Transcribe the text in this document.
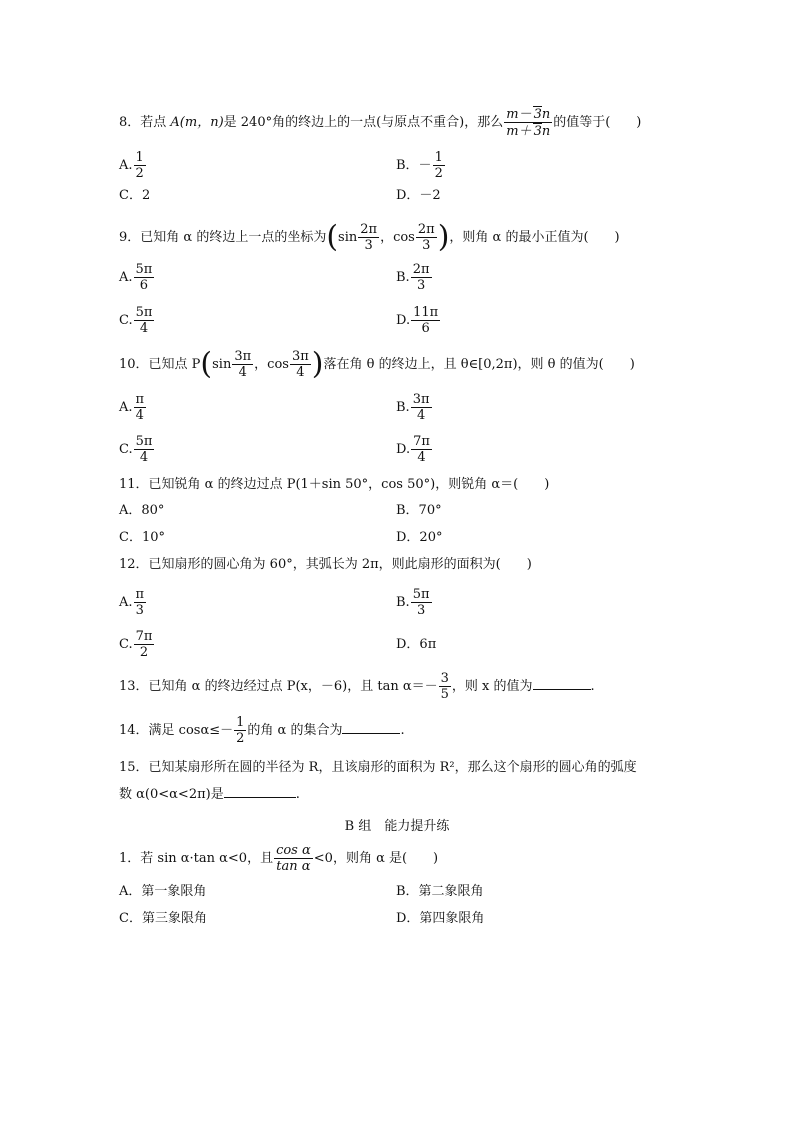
8．若点 A(m，n)是 240°角的终边上的一点(与原点不重合)，那么 $\frac{m- 3n}{m+ 3n}$ 的值等于(　　)
A. $\frac{1}{2}$	B．－ $\frac{1}{2}$
C．2	D．－2
9．已知角 α 的终边上一点的坐标为($\sin \frac{2\pi}{3}$ ，$\cos \frac{2\pi}{3}$ )，则角 α 的最小正值为(　　)
A. $\frac{5\pi}{6}$	B. $\frac{2\pi}{3}$
C. $\frac{5\pi}{4}$	D. $\frac{11\pi}{6}$
10．已知点 $P(\sin \frac{3\pi}{4}$ ，$\cos \frac{3\pi}{4}$ )落在角 θ 的终边上，且 θ∈[0,2π)，则 θ 的值为(　　)
A. $\frac{\pi}{4}$	B. $\frac{3\pi}{4}$
C. $\frac{5\pi}{4}$	D. $\frac{7\pi}{4}$
11．已知锐角 α 的终边过点 P(1＋sin 50°，cos 50°)，则锐角 α＝(　　)
A．80°	B．70°
C．10°	D．20°
12．已知扇形的圆心角为 60°，其弧长为 2π，则此扇形的面积为(　　)
A. $\frac{\pi}{3}$	B. $\frac{5\pi}{3}$
C. $\frac{7\pi}{2}$	D．6π
13．已知角 α 的终边经过点 P(x，－6)，且 $\tan \alpha=- \frac{3}{5}$ ，则 x 的值为	.
14．满足 $\cos\alpha\le- \frac{1}{2}$ 的角 α 的集合为	.
15．已知某扇形所在圆的半径为 R，且该扇形的面积为 R²，那么这个扇形的圆心角的弧度
数 α(0<α<2π)是	.
B 组　能力提升练
1．若 sin α·tan α<0，且 $\frac{\text{cos α}}{\text{tan α}} <0$，则角 α 是(　　)
A．第一象限角	B．第二象限角
C．第三象限角	D．第四象限角
